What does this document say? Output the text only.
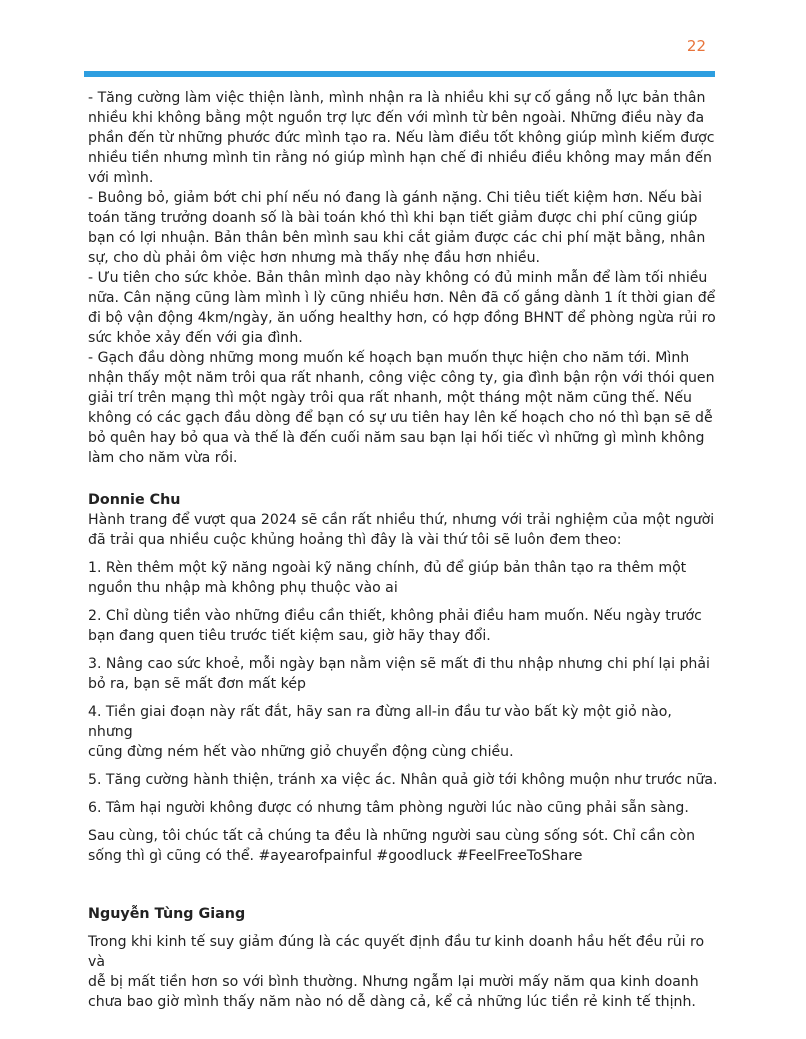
22
- Tăng cường làm việc thiện lành, mình nhận ra là nhiều khi sự cố gắng nỗ lực bản thân
nhiều khi không bằng một nguồn trợ lực đến với mình từ bên ngoài. Những điều này đa
phần đến từ những phước đức mình tạo ra. Nếu làm điều tốt không giúp mình kiếm được
nhiều tiền nhưng mình tin rằng nó giúp mình hạn chế đi nhiều điều không may mắn đến
với mình.
- Buông bỏ, giảm bớt chi phí nếu nó đang là gánh nặng. Chi tiêu tiết kiệm hơn. Nếu bài
toán tăng trưởng doanh số là bài toán khó thì khi bạn tiết giảm được chi phí cũng giúp
bạn có lợi nhuận. Bản thân bên mình sau khi cắt giảm được các chi phí mặt bằng, nhân
sự, cho dù phải ôm việc hơn nhưng mà thấy nhẹ đầu hơn nhiều.
- Ưu tiên cho sức khỏe. Bản thân mình dạo này không có đủ minh mẫn để làm tối nhiều
nữa. Cân nặng cũng làm mình ì lỳ cũng nhiều hơn. Nên đã cố gắng dành 1 ít thời gian để
đi bộ vận động 4km/ngày, ăn uống healthy hơn, có hợp đồng BHNT để phòng ngừa rủi ro
sức khỏe xảy đến với gia đình.
- Gạch đầu dòng những mong muốn kế hoạch bạn muốn thực hiện cho năm tới. Mình
nhận thấy một năm trôi qua rất nhanh, công việc công ty, gia đình bận rộn với thói quen
giải trí trên mạng thì một ngày trôi qua rất nhanh, một tháng một năm cũng thế. Nếu
không có các gạch đầu dòng để bạn có sự ưu tiên hay lên kế hoạch cho nó thì bạn sẽ dễ
bỏ quên hay bỏ qua và thế là đến cuối năm sau bạn lại hối tiếc vì những gì mình không
làm cho năm vừa rồi.

Donnie Chu

Hành trang để vượt qua 2024 sẽ cần rất nhiều thứ, nhưng với trải nghiệm của một người
đã trải qua nhiều cuộc khủng hoảng thì đây là vài thứ tôi sẽ luôn đem theo:
1. Rèn thêm một kỹ năng ngoài kỹ năng chính, đủ để giúp bản thân tạo ra thêm một
nguồn thu nhập mà không phụ thuộc vào ai
2. Chỉ dùng tiền vào những điều cần thiết, không phải điều ham muốn. Nếu ngày trước
bạn đang quen tiêu trước tiết kiệm sau, giờ hãy thay đổi.
3. Nâng cao sức khoẻ, mỗi ngày bạn nằm viện sẽ mất đi thu nhập nhưng chi phí lại phải
bỏ ra, bạn sẽ mất đơn mất kép
4. Tiền giai đoạn này rất đắt, hãy san ra đừng all-in đầu tư vào bất kỳ một giỏ nào, nhưng
cũng đừng ném hết vào những giỏ chuyển động cùng chiều.
5. Tăng cường hành thiện, tránh xa việc ác. Nhân quả giờ tới không muộn như trước nữa.
6. Tâm hại người không được có nhưng tâm phòng người lúc nào cũng phải sẵn sàng.
Sau cùng, tôi chúc tất cả chúng ta đều là những người sau cùng sống sót. Chỉ cần còn
sống thì gì cũng có thể. #ayearofpainful #goodluck #FeelFreeToShare

Nguyễn Tùng Giang

Trong khi kinh tế suy giảm đúng là các quyết định đầu tư kinh doanh hầu hết đều rủi ro và
dễ bị mất tiền hơn so với bình thường. Nhưng ngẫm lại mười mấy năm qua kinh doanh
chưa bao giờ mình thấy năm nào nó dễ dàng cả, kể cả những lúc tiền rẻ kinh tế thịnh.
